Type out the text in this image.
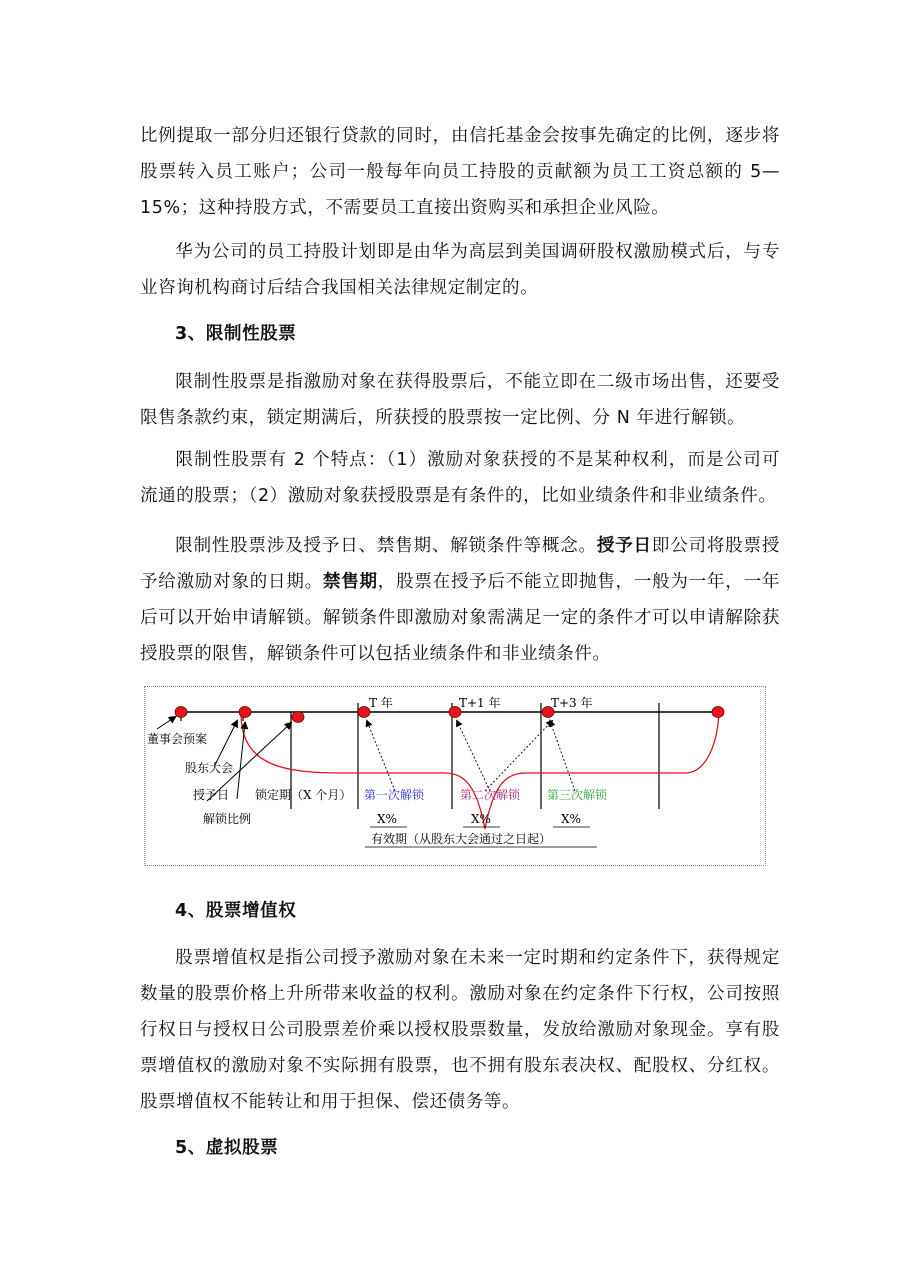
比例提取一部分归还银行贷款的同时，由信托基金会按事先确定的比例，逐步将股票转入员工账户；公司一般每年向员工持股的贡献额为员工工资总额的 5—15%；这种持股方式，不需要员工直接出资购买和承担企业风险。

华为公司的员工持股计划即是由华为高层到美国调研股权激励模式后，与专业咨询机构商讨后结合我国相关法律规定制定的。

3、限制性股票

限制性股票是指激励对象在获得股票后，不能立即在二级市场出售，还要受限售条款约束，锁定期满后，所获授的股票按一定比例、分 N 年进行解锁。

限制性股票有 2 个特点：（1）激励对象获授的不是某种权利，而是公司可流通的股票；（2）激励对象获授股票是有条件的，比如业绩条件和非业绩条件。

限制性股票涉及授予日、禁售期、解锁条件等概念。授予日即公司将股票授予给激励对象的日期。禁售期，股票在授予后不能立即抛售，一般为一年，一年后可以开始申请解锁。解锁条件即激励对象需满足一定的条件才可以申请解除获授股票的限售，解锁条件可以包括业绩条件和非业绩条件。

T 年	T+1 年	T+3 年
董事会预案
股东大会
授予日 锁定期（X 个月） 第一次解锁	第二次解锁 第三次解锁
解锁比例	X%	X%	X%
有效期（从股东大会通过之日起）

4、股票增值权

股票增值权是指公司授予激励对象在未来一定时期和约定条件下，获得规定数量的股票价格上升所带来收益的权利。激励对象在约定条件下行权，公司按照行权日与授权日公司股票差价乘以授权股票数量，发放给激励对象现金。享有股票增值权的激励对象不实际拥有股票，也不拥有股东表决权、配股权、分红权。股票增值权不能转让和用于担保、偿还债务等。

5、虚拟股票
